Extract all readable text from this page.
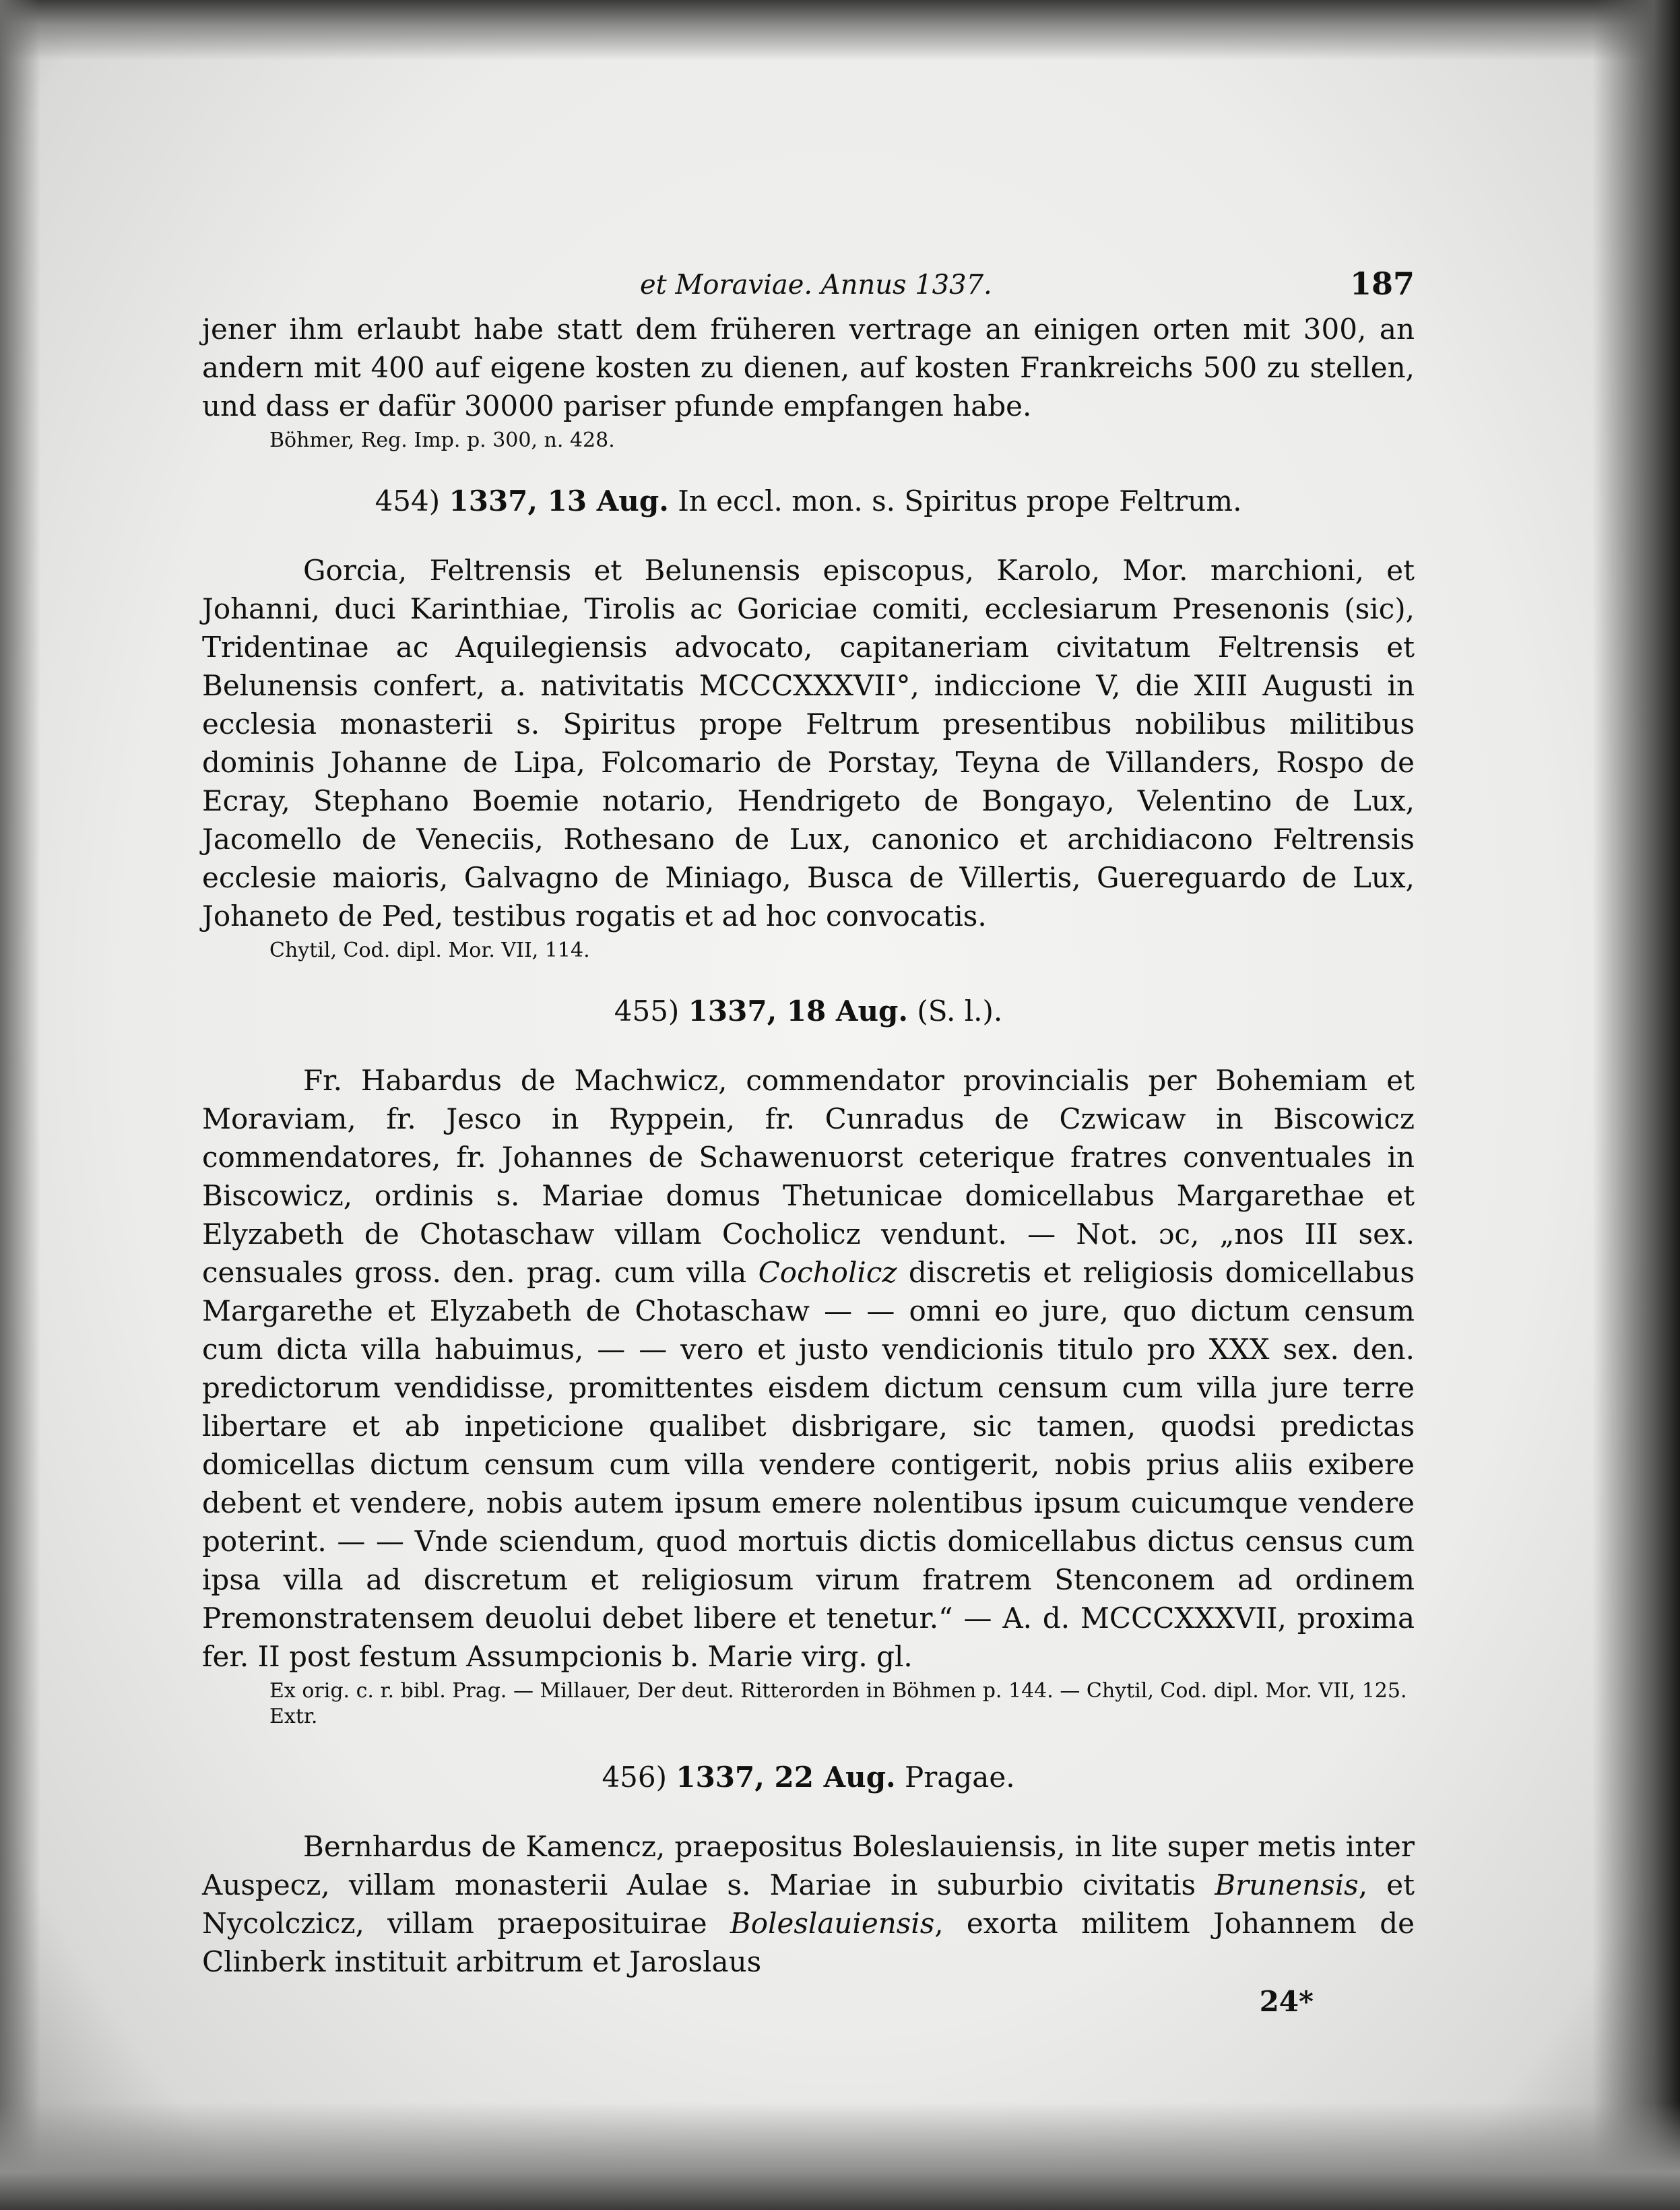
et Moraviae. Annus 1337.	187

jener ihm erlaubt habe statt dem früheren vertrage an einigen orten mit 300, an andern mit 400 auf eigene kosten zu dienen, auf kosten Frankreichs 500 zu stellen, und dass er dafür 30000 pariser pfunde empfangen habe.

Böhmer, Reg. Imp. p. 300, n. 428.

454) 1337, 13 Aug. In eccl. mon. s. Spiritus prope Feltrum.

Gorcia, Feltrensis et Belunensis episcopus, Karolo, Mor. marchioni, et Johanni, duci Karinthiae, Tirolis ac Goriciae comiti, ecclesiarum Presenonis (sic), Tridentinae ac Aquilegiensis advocato, capitaneriam civitatum Feltrensis et Belunensis confert, a. nativitatis MCCCXXXVII°, indiccione V, die XIII Augusti in ecclesia monasterii s. Spiritus prope Feltrum presentibus nobilibus militibus dominis Johanne de Lipa, Folcomario de Porstay, Teyna de Villanders, Rospo de Ecray, Stephano Boemie notario, Hendrigeto de Bongayo, Velentino de Lux, Jacomello de Veneciis, Rothesano de Lux, canonico et archidiacono Feltrensis ecclesie maioris, Galvagno de Miniago, Busca de Villertis, Guereguardo de Lux, Johaneto de Ped, testibus rogatis et ad hoc convocatis.

Chytil, Cod. dipl. Mor. VII, 114.

455) 1337, 18 Aug. (S. l.).

Fr. Habardus de Machwicz, commendator provincialis per Bohemiam et Moraviam, fr. Jesco in Ryppein, fr. Cunradus de Czwicaw in Biscowicz commendatores, fr. Johannes de Schawenuorst ceterique fratres conventuales in Biscowicz, ordinis s. Mariae domus Thetunicae domicellabus Margarethae et Elyzabeth de Chotaschaw villam Cocholicz vendunt. — Not. ɔc, „nos III sex. censuales gross. den. prag. cum villa Cocholicz discretis et religiosis domicellabus Margarethe et Elyzabeth de Chotaschaw — — omni eo jure, quo dictum censum cum dicta villa habuimus, — — vero et justo vendicionis titulo pro XXX sex. den. predictorum vendidisse, promittentes eisdem dictum censum cum villa jure terre libertare et ab inpeticione qualibet disbrigare, sic tamen, quodsi predictas domicellas dictum censum cum villa vendere contigerit, nobis prius aliis exibere debent et vendere, nobis autem ipsum emere nolentibus ipsum cuicumque vendere poterint. — — Vnde sciendum, quod mortuis dictis domicellabus dictus census cum ipsa villa ad discretum et religiosum virum fratrem Stenconem ad ordinem Premonstratensem deuolui debet libere et tenetur.“ — A. d. MCCCXXXVII, proxima fer. II post festum Assumpcionis b. Marie virg. gl.

Ex orig. c. r. bibl. Prag. — Millauer, Der deut. Ritterorden in Böhmen p. 144. — Chytil, Cod. dipl. Mor. VII, 125. Extr.

456) 1337, 22 Aug. Pragae.

Bernhardus de Kamencz, praepositus Boleslauiensis, in lite super metis inter Auspecz, villam monasterii Aulae s. Mariae in suburbio civitatis Brunensis, et Nycolczicz, villam praeposituirae Boleslauiensis, exorta militem Johannem de Clinberk instituit arbitrum et Jaroslaus

24*
